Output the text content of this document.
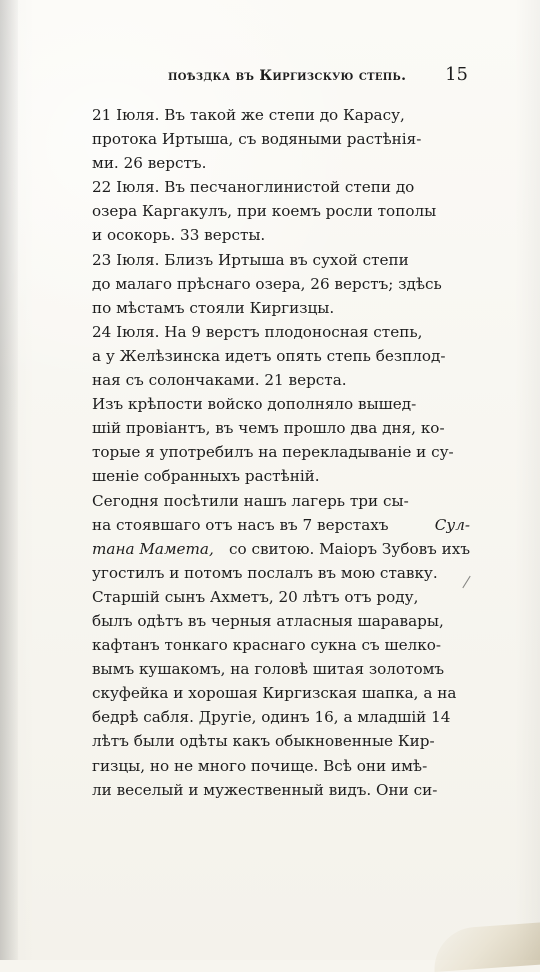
поѣздка въ Киргизскую степь. 15
21 Іюля. Въ такой же степи до Карасу,
протока Иртыша, съ водяными растѣнія-
ми. 26 верстъ.
22 Іюля. Въ песчаноглинистой степи до
озера Каргакулъ, при коемъ росли тополы
и осокорь. 33 версты.
23 Іюля. Близъ Иртыша въ сухой степи
до малаго прѣснаго озера, 26 верстъ; здѣсь
по мѣстамъ стояли Киргизцы.
24 Іюля. На 9 верстъ плодоносная степь,
а у Желѣзинска идетъ опять степь безплод-
ная съ солончаками. 21 верста.
Изъ крѣпости войско дополняло вышед-
шій провіантъ, въ чемъ прошло два дня, ко-
торые я употребилъ на перекладываніе и су-
шеніе собранныхъ растѣній.
Сегодня посѣтили нашъ лагерь три сы-
на стоявшаго отъ насъ въ 7 верстахъ	Сул-
тана Мамета, со свитою. Маіоръ Зубовъ ихъ
угостилъ и потомъ послалъ въ мою ставку.
Старшій сынъ Ахметъ, 20 лѣтъ отъ роду,
былъ одѣтъ въ черныя атласныя шаравары,
кафтанъ тонкаго краснаго сукна съ шелко-
вымъ кушакомъ, на головѣ шитая золотомъ
скуфейка и хорошая Киргизская шапка, а на
бедрѣ сабля. Другіе, одинъ 16, а младшій 14
лѣтъ были одѣты какъ обыкновенные Кир-
гизцы, но не много почище. Всѣ они имѣ-
ли веселый и мужественный видъ. Они си-
